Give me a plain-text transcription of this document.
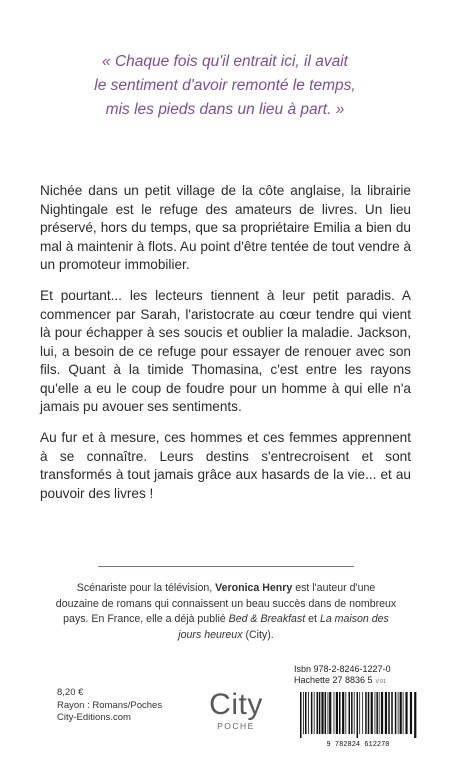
« Chaque fois qu'il entrait ici, il avait
le sentiment d'avoir remonté le temps,
mis les pieds dans un lieu à part. »

Nichée dans un petit village de la côte anglaise, la librairie Nightingale est le refuge des amateurs de livres. Un lieu préservé, hors du temps, que sa propriétaire Emilia a bien du mal à maintenir à flots. Au point d'être tentée de tout vendre à un promoteur immobilier.

Et pourtant... les lecteurs tiennent à leur petit paradis. A commencer par Sarah, l'aristocrate au cœur tendre qui vient là pour échapper à ses soucis et oublier la maladie. Jackson, lui, a besoin de ce refuge pour essayer de renouer avec son fils. Quant à la timide Thomasina, c'est entre les rayons qu'elle a eu le coup de foudre pour un homme à qui elle n'a jamais pu avouer ses sentiments.

Au fur et à mesure, ces hommes et ces femmes apprennent à se connaître. Leurs destins s'entrecroisent et sont transformés à tout jamais grâce aux hasards de la vie... et au pouvoir des livres !

Scénariste pour la télévision, Veronica Henry est l'auteur d'une douzaine de romans qui connaissent un beau succès dans de nombreux pays. En France, elle a déjà publié Bed & Breakfast et La maison des jours heureux (City).
8,20 €
Rayon : Romans/Poches
City-Editions.com	City
POCHE
Isbn 978-2-8246-1227-0
Hachette 27 8836 5 V 01
9 782824 612270
